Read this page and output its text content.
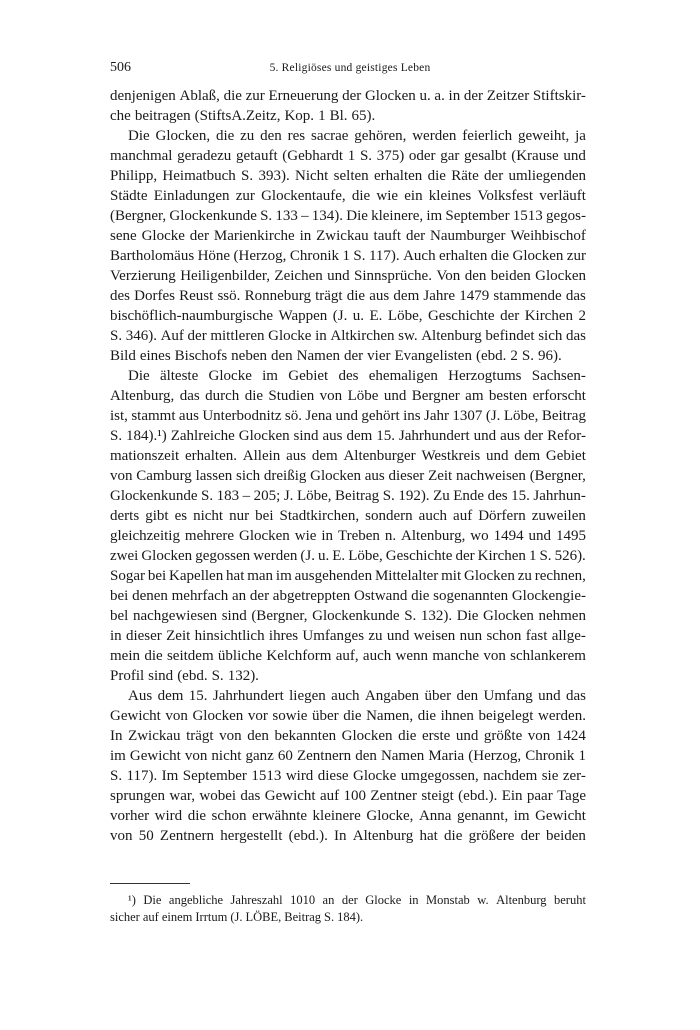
506	5. Religiöses und geistiges Leben
denjenigen Ablaß, die zur Erneuerung der Glocken u. a. in der Zeitzer Stiftskir-
che beitragen (StiftsA.Zeitz, Kop. 1 Bl. 65).
Die Glocken, die zu den res sacrae gehören, werden feierlich geweiht, ja
manchmal geradezu getauft (Gebhardt 1 S. 375) oder gar gesalbt (Krause und
Philipp, Heimatbuch S. 393). Nicht selten erhalten die Räte der umliegenden
Städte Einladungen zur Glockentaufe, die wie ein kleines Volksfest verläuft
(Bergner, Glockenkunde S. 133 – 134). Die kleinere, im September 1513 gegos-
sene Glocke der Marienkirche in Zwickau tauft der Naumburger Weihbischof
Bartholomäus Höne (Herzog, Chronik 1 S. 117). Auch erhalten die Glocken zur
Verzierung Heiligenbilder, Zeichen und Sinnsprüche. Von den beiden Glocken
des Dorfes Reust ssö. Ronneburg trägt die aus dem Jahre 1479 stammende das
bischöflich-naumburgische Wappen (J. u. E. Löbe, Geschichte der Kirchen 2
S. 346). Auf der mittleren Glocke in Altkirchen sw. Altenburg befindet sich das
Bild eines Bischofs neben den Namen der vier Evangelisten (ebd. 2 S. 96).
Die älteste Glocke im Gebiet des ehemaligen Herzogtums Sachsen-
Altenburg, das durch die Studien von Löbe und Bergner am besten erforscht
ist, stammt aus Unterbodnitz sö. Jena und gehört ins Jahr 1307 (J. Löbe, Beitrag
S. 184).¹) Zahlreiche Glocken sind aus dem 15. Jahrhundert und aus der Refor-
mationszeit erhalten. Allein aus dem Altenburger Westkreis und dem Gebiet
von Camburg lassen sich dreißig Glocken aus dieser Zeit nachweisen (Bergner,
Glockenkunde S. 183 – 205; J. Löbe, Beitrag S. 192). Zu Ende des 15. Jahrhun-
derts gibt es nicht nur bei Stadtkirchen, sondern auch auf Dörfern zuweilen
gleichzeitig mehrere Glocken wie in Treben n. Altenburg, wo 1494 und 1495
zwei Glocken gegossen werden (J. u. E. Löbe, Geschichte der Kirchen 1 S. 526).
Sogar bei Kapellen hat man im ausgehenden Mittelalter mit Glocken zu rechnen,
bei denen mehrfach an der abgetreppten Ostwand die sogenannten Glockengie-
bel nachgewiesen sind (Bergner, Glockenkunde S. 132). Die Glocken nehmen
in dieser Zeit hinsichtlich ihres Umfanges zu und weisen nun schon fast allge-
mein die seitdem übliche Kelchform auf, auch wenn manche von schlankerem
Profil sind (ebd. S. 132).
Aus dem 15. Jahrhundert liegen auch Angaben über den Umfang und das
Gewicht von Glocken vor sowie über die Namen, die ihnen beigelegt werden.
In Zwickau trägt von den bekannten Glocken die erste und größte von 1424
im Gewicht von nicht ganz 60 Zentnern den Namen Maria (Herzog, Chronik 1
S. 117). Im September 1513 wird diese Glocke umgegossen, nachdem sie zer-
sprungen war, wobei das Gewicht auf 100 Zentner steigt (ebd.). Ein paar Tage
vorher wird die schon erwähnte kleinere Glocke, Anna genannt, im Gewicht
von 50 Zentnern hergestellt (ebd.). In Altenburg hat die größere der beiden
¹) Die angebliche Jahreszahl 1010 an der Glocke in Monstab w. Altenburg beruht
sicher auf einem Irrtum (J. LÖBE, Beitrag S. 184).
